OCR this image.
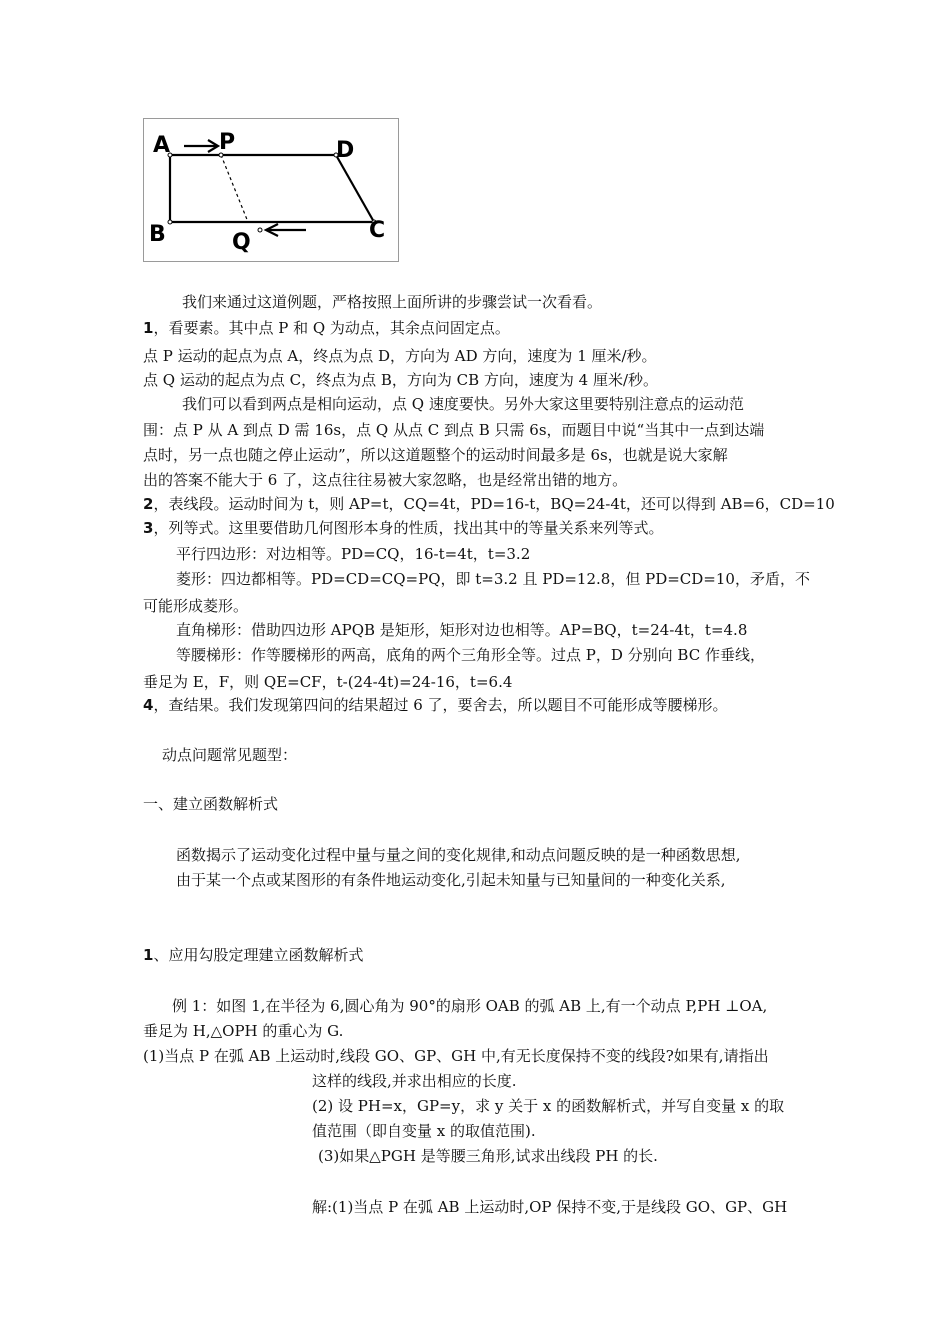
A P	D
B	Q	C
我们来通过这道例题，严格按照上面所讲的步骤尝试一次看看。
1，看要素。其中点 P 和 Q 为动点，其余点问固定点。
点 P 运动的起点为点 A，终点为点 D，方向为 AD 方向，速度为 1 厘米/秒。
点 Q 运动的起点为点 C，终点为点 B，方向为 CB 方向，速度为 4 厘米/秒。
我们可以看到两点是相向运动，点 Q 速度要快。另外大家这里要特别注意点的运动范
围：点 P 从 A 到点 D 需 16s，点 Q 从点 C 到点 B 只需 6s，而题目中说“当其中一点到达端
点时，另一点也随之停止运动”，所以这道题整个的运动时间最多是 6s，也就是说大家解
出的答案不能大于 6 了，这点往往易被大家忽略，也是经常出错的地方。
2，表线段。运动时间为 t，则 AP=t，CQ=4t，PD=16-t，BQ=24-4t，还可以得到 AB=6，CD=10
3，列等式。这里要借助几何图形本身的性质，找出其中的等量关系来列等式。
平行四边形：对边相等。PD=CQ，16-t=4t，t=3.2
菱形：四边都相等。PD=CD=CQ=PQ，即 t=3.2 且 PD=12.8，但 PD=CD=10，矛盾，不
可能形成菱形。
直角梯形：借助四边形 APQB 是矩形，矩形对边也相等。AP=BQ，t=24-4t，t=4.8
等腰梯形：作等腰梯形的两高，底角的两个三角形全等。过点 P，D 分别向 BC 作垂线，
垂足为 E，F，则 QE=CF，t-(24-4t)=24-16，t=6.4
4，查结果。我们发现第四问的结果超过 6 了，要舍去，所以题目不可能形成等腰梯形。
动点问题常见题型：
一、建立函数解析式
函数揭示了运动变化过程中量与量之间的变化规律,和动点问题反映的是一种函数思想,
由于某一个点或某图形的有条件地运动变化,引起未知量与已知量间的一种变化关系,
1、应用勾股定理建立函数解析式
例 1：如图 1,在半径为 6,圆心角为 90°的扇形 OAB 的弧 AB 上,有一个动点 P,PH ⊥OA,
垂足为 H,△OPH 的重心为 G.
(1)当点 P 在弧 AB 上运动时,线段 GO、GP、GH 中,有无长度保持不变的线段?如果有,请指出
这样的线段,并求出相应的长度.
(2) 设 PH=x，GP=y，求 y 关于 x 的函数解析式，并写自变量 x 的取
值范围（即自变量 x 的取值范围).
(3)如果△PGH 是等腰三角形,试求出线段 PH 的长.
解:(1)当点 P 在弧 AB 上运动时,OP 保持不变,于是线段 GO、GP、GH
